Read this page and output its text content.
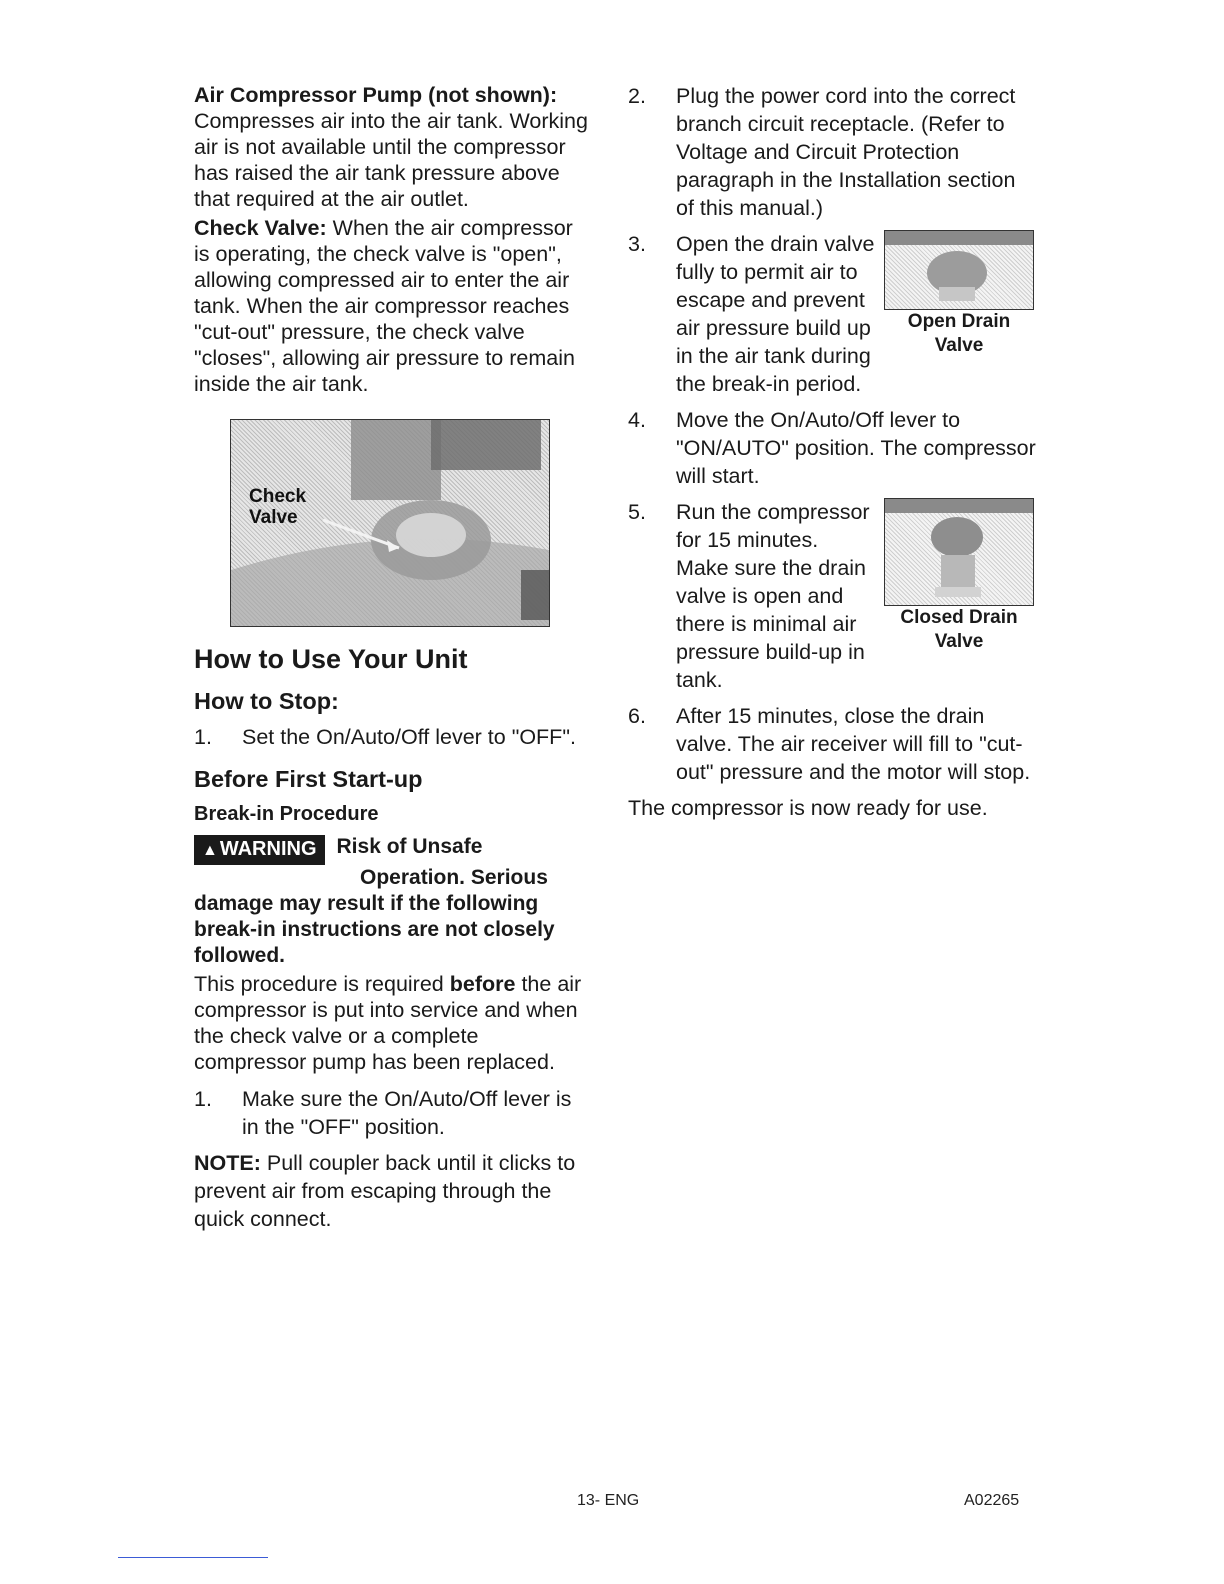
Air Compressor Pump (not shown): Compresses air into the air tank. Working air is not available until the compressor has raised the air tank pressure above that required at the air outlet.

Check Valve: When the air compressor is operating, the check valve is "open", allowing compressed air to enter the air tank. When the air compressor reaches "cut-out" pressure, the check valve "closes", allowing air pressure to remain inside the air tank.

Check
Valve
How to Use Your Unit
How to Stop:
1.	Set the On/Auto/Off lever to "OFF".
Before First Start-up
Break-in Procedure
▲ WARNING Risk of Unsafe

Operation. Serious damage may result if the following break-in instructions are not closely followed.

This procedure is required before the air compressor is put into service and when the check valve or a complete compressor pump has been replaced.

1.	Make sure the On/Auto/Off lever is in the "OFF" position.

NOTE: Pull coupler back until it clicks to prevent air from escaping through the quick connect.

2.	Plug the power cord into the correct branch circuit receptacle. (Refer to Voltage and Circuit Protection paragraph in the Installation section of this manual.)
3.
Open Drain Valve
Open the drain valve fully to permit air to escape and prevent air pressure build up in the air tank during the break-in period.
4.	Move the On/Auto/Off lever to "ON/AUTO" position. The compressor will start.
5.
Closed Drain Valve
Run the compressor for 15 minutes. Make sure the drain valve is open and there is minimal air pressure build-up in tank.
6.	After 15 minutes, close the drain valve. The air receiver will fill to "cut-out" pressure and the motor will stop.

The compressor is now ready for use.

13- ENG	A02265
